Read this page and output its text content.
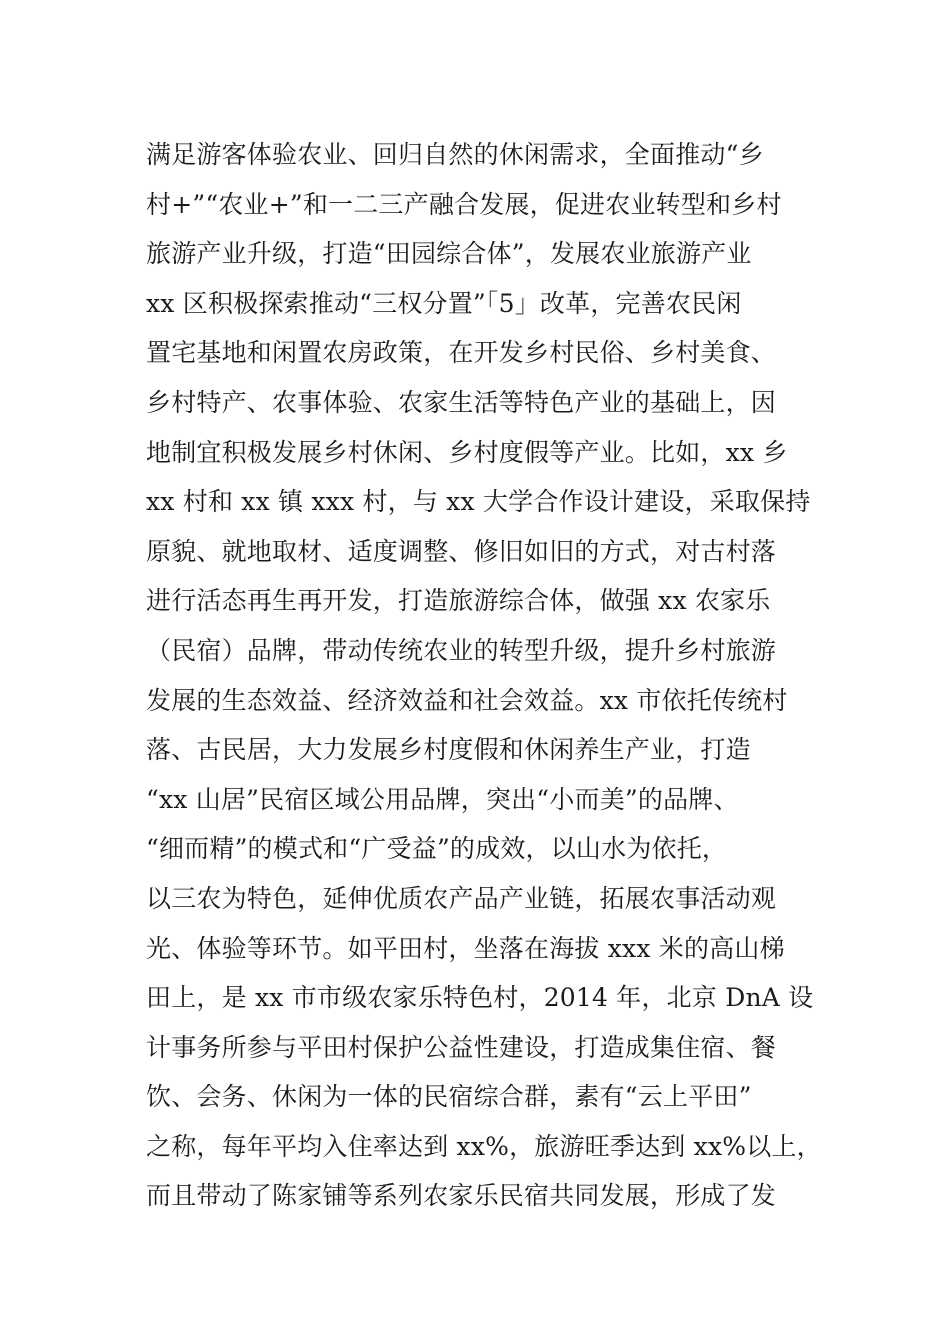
满足游客体验农业、回归自然的休闲需求，全面推动“乡
村+”“农业+”和一二三产融合发展，促进农业转型和乡村
旅游产业升级，打造“田园综合体”，发展农业旅游产业
xx 区积极探索推动“三权分置”「5」改革，完善农民闲
置宅基地和闲置农房政策，在开发乡村民俗、乡村美食、
乡村特产、农事体验、农家生活等特色产业的基础上，因
地制宜积极发展乡村休闲、乡村度假等产业。比如，xx 乡
xx 村和 xx 镇 xxx 村，与 xx 大学合作设计建设，采取保持
原貌、就地取材、适度调整、修旧如旧的方式，对古村落
进行活态再生再开发，打造旅游综合体，做强 xx 农家乐
（民宿）品牌，带动传统农业的转型升级，提升乡村旅游
发展的生态效益、经济效益和社会效益。xx 市依托传统村
落、古民居，大力发展乡村度假和休闲养生产业，打造
“xx 山居”民宿区域公用品牌，突出“小而美”的品牌、
“细而精”的模式和“广受益”的成效，以山水为依托，
以三农为特色，延伸优质农产品产业链，拓展农事活动观
光、体验等环节。如平田村，坐落在海拔 xxx 米的高山梯
田上，是 xx 市市级农家乐特色村，2014 年，北京 DnA 设
计事务所参与平田村保护公益性建设，打造成集住宿、餐
饮、会务、休闲为一体的民宿综合群，素有“云上平田”
之称，每年平均入住率达到 xx%，旅游旺季达到 xx%以上，
而且带动了陈家铺等系列农家乐民宿共同发展，形成了发
